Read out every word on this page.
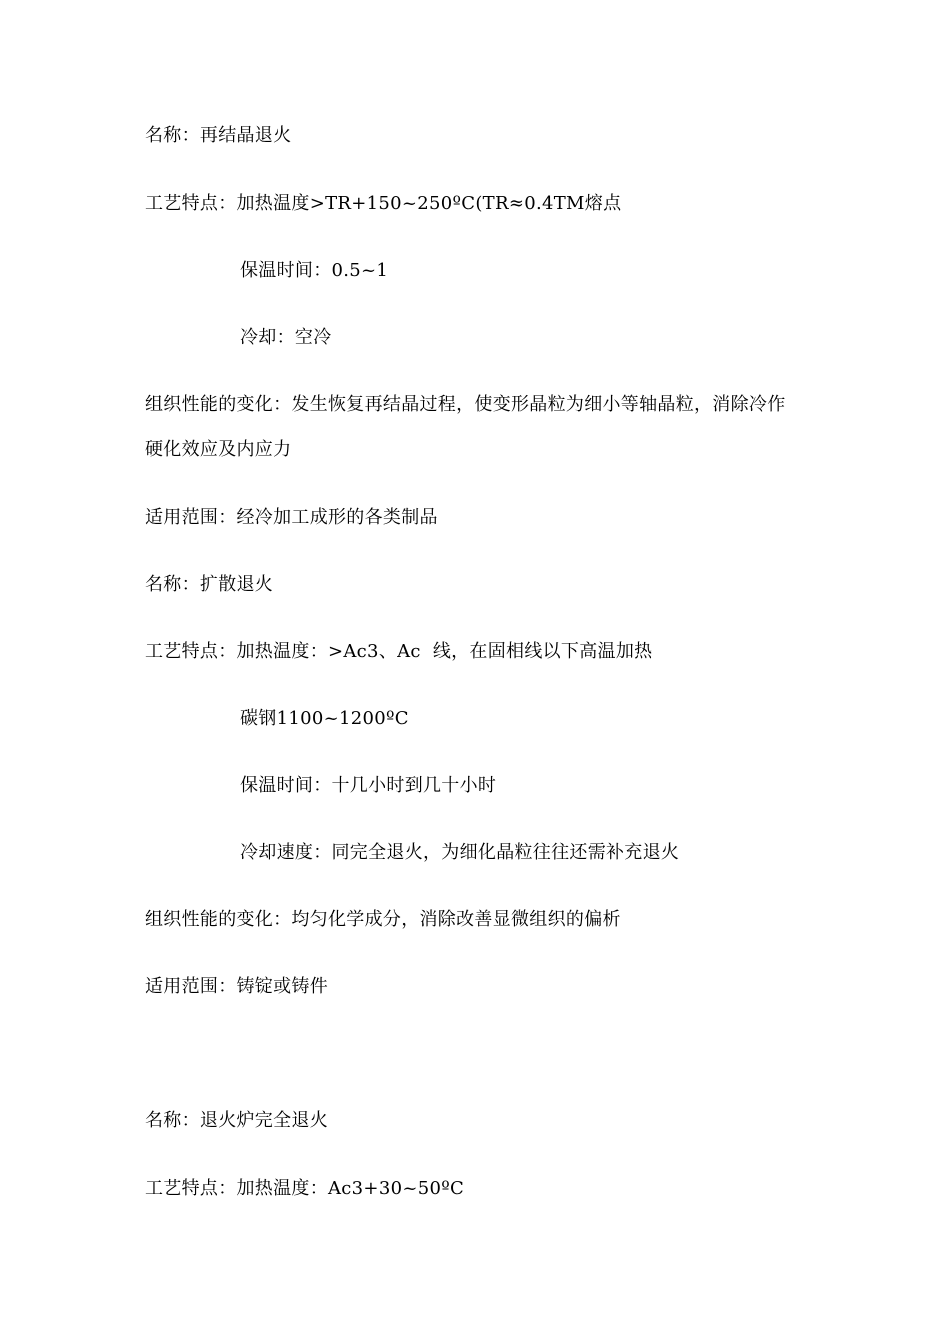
名称：再结晶退火
工艺特点：加热温度>TR+150~250ºC(TR≈0.4TM熔点
保温时间：0.5~1
冷却：空冷
组织性能的变化：发生恢复再结晶过程，使变形晶粒为细小等轴晶粒，消除冷作
硬化效应及内应力
适用范围：经冷加工成形的各类制品
名称：扩散退火
工艺特点：加热温度：>Ac3、Ac  线，在固相线以下高温加热
碳钢1100~1200ºC
保温时间：十几小时到几十小时
冷却速度：同完全退火，为细化晶粒往往还需补充退火
组织性能的变化：均匀化学成分，消除改善显微组织的偏析
适用范围：铸锭或铸件
名称：退火炉完全退火
工艺特点：加热温度：Ac3+30~50ºC
